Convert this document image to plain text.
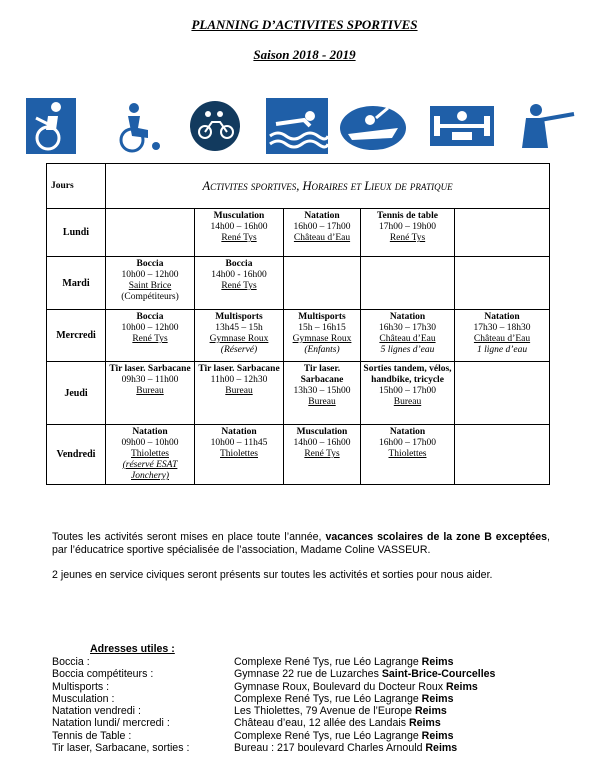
PLANNING D’ACTIVITES SPORTIVES
Saison 2018 - 2019
Jours	Activites sportives, Horaires et Lieux de pratique				
Lundi		Musculation
14h00 – 16h00
René Tys	Natation
16h00 – 17h00
Château d’Eau	Tennis de table
17h00 – 19h00
René Tys	

Mardi	Boccia
10h00 – 12h00
Saint Brice
(Compétiteurs)	Boccia
14h00 - 16h00
René Tys			

Mercredi	Boccia
10h00 – 12h00
René Tys	Multisports
13h45 – 15h
Gymnase Roux
(Réservé)	Multisports
15h – 16h15
Gymnase Roux
(Enfants)	Natation
16h30 – 17h30
Château d’Eau
5 lignes d’eau	Natation
17h30 – 18h30
Château d’Eau
1 ligne d’eau

Jeudi	Tir laser. Sarbacane
09h30 – 11h00
Bureau	Tir laser. Sarbacane
11h00 – 12h30
Bureau	Tir laser. Sarbacane
13h30 – 15h00
Bureau	Sorties tandem, vélos, handbike, tricycle
15h00 – 17h00
Bureau	

Vendredi	Natation
09h00 – 10h00
Thiolettes
(réservé ESAT Jonchery)	Natation
10h00 – 11h45
Thiolettes	Musculation
14h00 – 16h00
René Tys	Natation
16h00 – 17h00
Thiolettes	

Toutes les activités seront mises en place toute l’année, vacances scolaires de la zone B exceptées, par l’éducatrice sportive spécialisée de l’association, Madame Coline VASSEUR.
2 jeunes en service civiques seront présents sur toutes les activités et sorties pour nous aider.
Adresses utiles :
Boccia :	Complexe René Tys, rue Léo Lagrange Reims
Boccia compétiteurs :	Gymnase 22 rue de Luzarches Saint-Brice-Courcelles
Multisports :	Gymnase Roux, Boulevard du Docteur Roux Reims
Musculation :	Complexe René Tys, rue Léo Lagrange Reims
Natation vendredi :	Les Thiolettes, 79 Avenue de l’Europe Reims
Natation lundi/ mercredi :	Château d’eau, 12 allée des Landais Reims
Tennis de Table :	Complexe René Tys, rue Léo Lagrange Reims
Tir laser, Sarbacane, sorties :	Bureau : 217 boulevard Charles Arnould Reims
